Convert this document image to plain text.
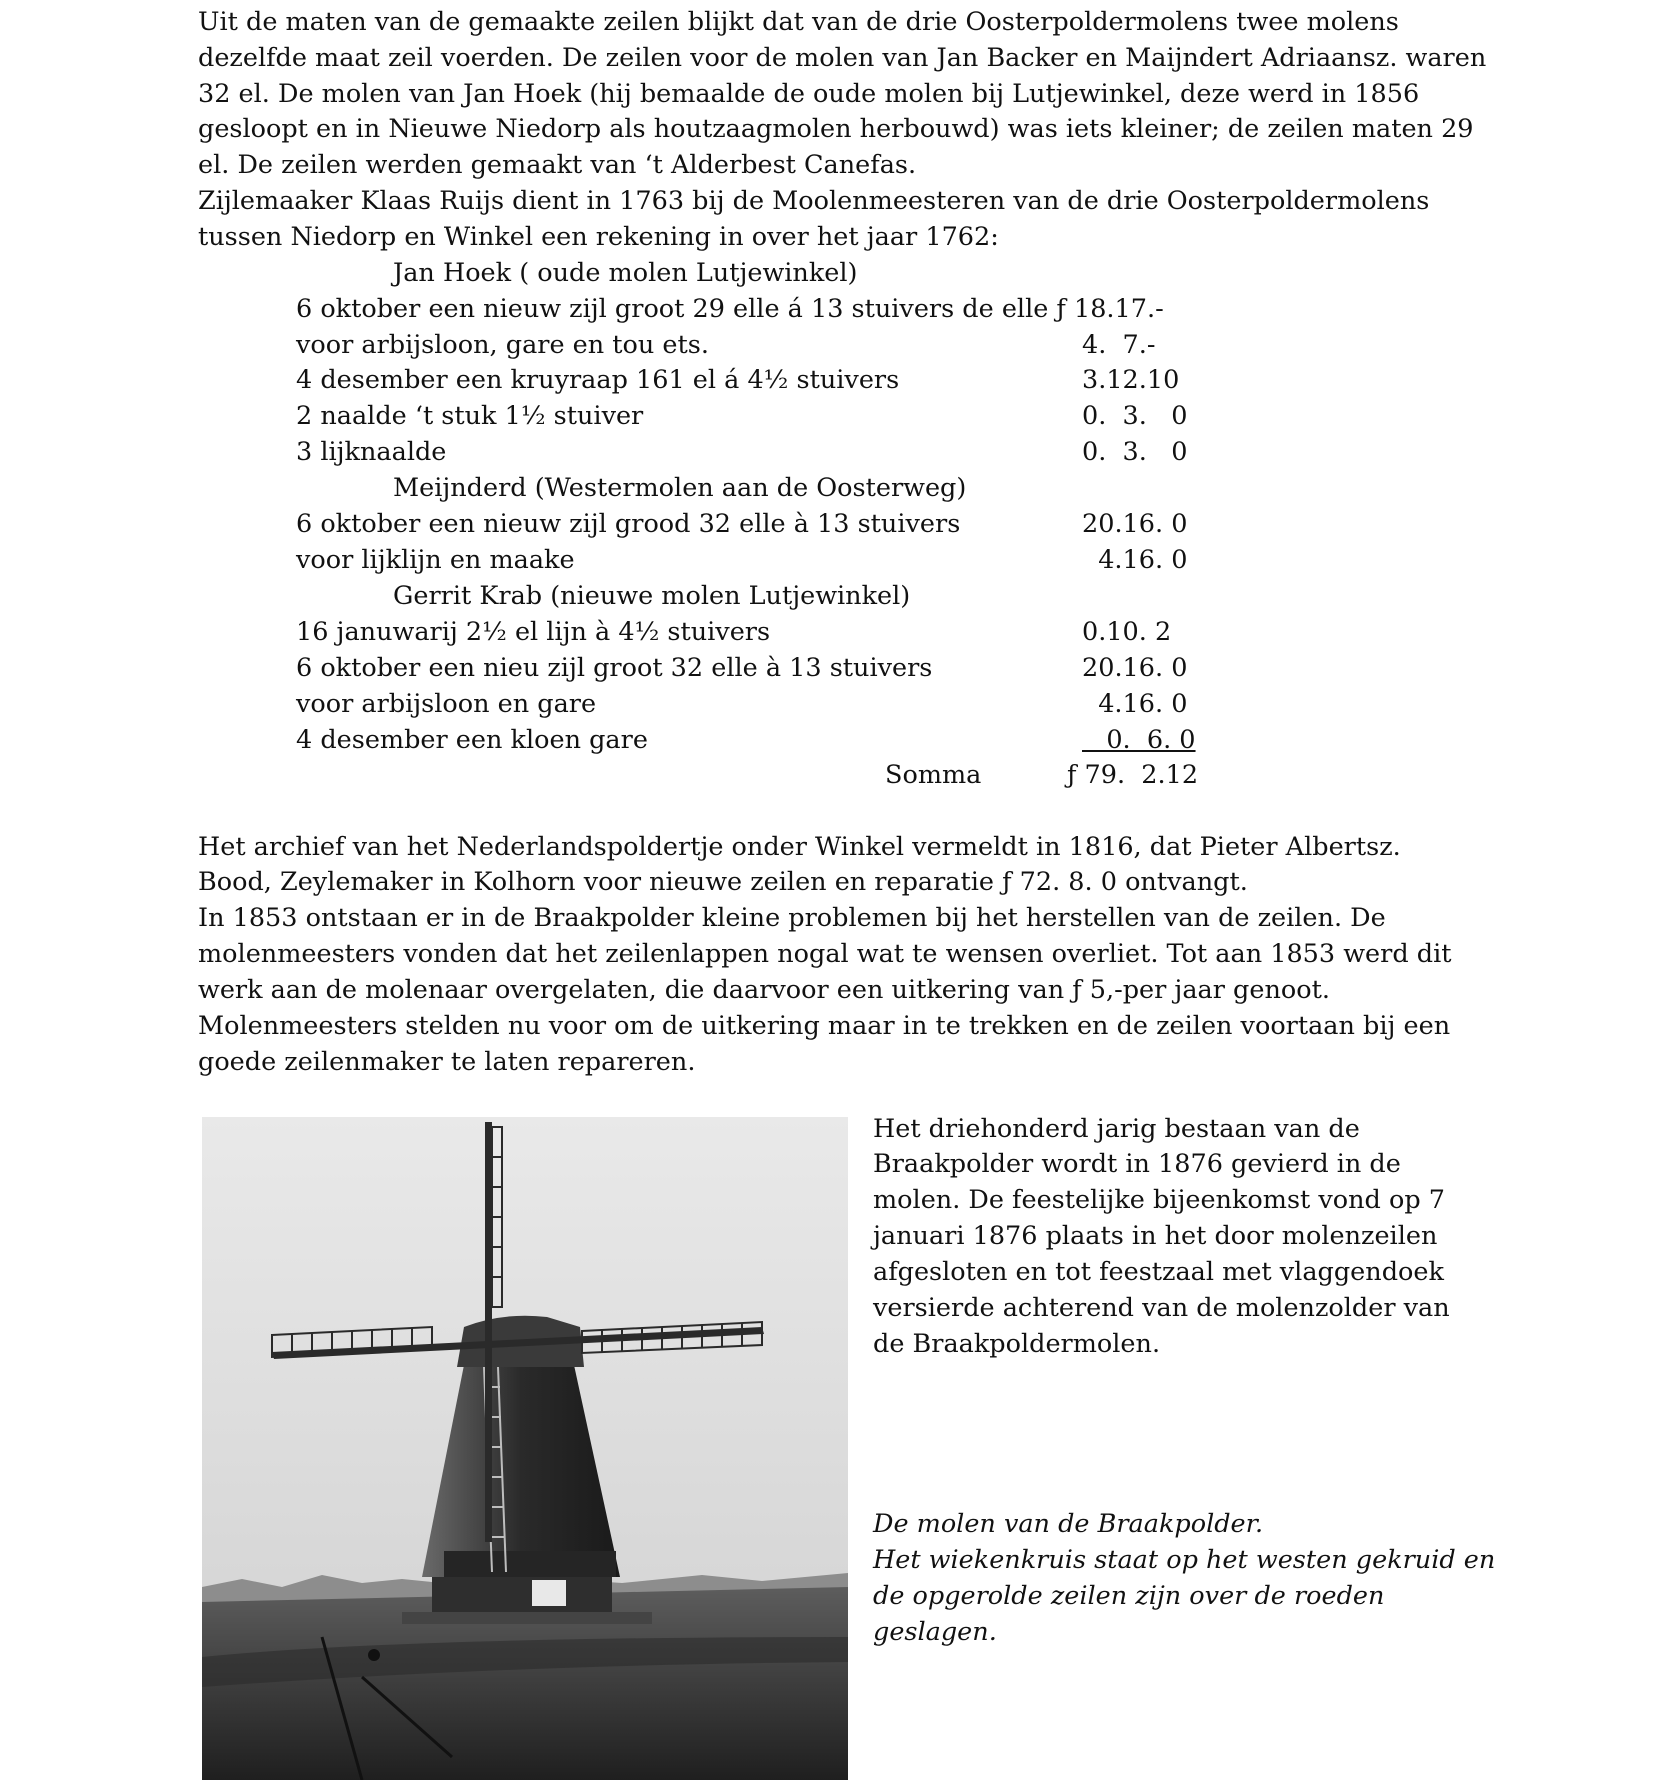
Uit de maten van de gemaakte zeilen blijkt dat van de drie Oosterpoldermolens twee molens
dezelfde maat zeil voerden. De zeilen voor de molen van Jan Backer en Maijndert Adriaansz. waren
32 el. De molen van Jan Hoek (hij bemaalde de oude molen bij Lutjewinkel, deze werd in 1856
gesloopt en in Nieuwe Niedorp als houtzaagmolen herbouwd) was iets kleiner; de zeilen maten 29
el. De zeilen werden gemaakt van ‘t Alderbest Canefas.
Zijlemaaker Klaas Ruijs dient in 1763 bij de Moolenmeesteren van de drie Oosterpoldermolens
tussen Niedorp en Winkel een rekening in over het jaar 1762:
Jan Hoek ( oude molen Lutjewinkel)
6 oktober een nieuw zijl groot 29 elle á 13 stuivers de elle ƒ 18.17.-
voor arbijsloon, gare en tou ets.	4.  7.-
4 desember een kruyraap 161 el á 4½ stuivers	3.12.10
2 naalde ‘t stuk 1½ stuiver	0.  3.   0
3 lijknaalde	0.  3.   0
Meijnderd (Westermolen aan de Oosterweg)
6 oktober een nieuw zijl grood 32 elle à 13 stuivers	20.16. 0
voor lijklijn en maake	4.16. 0
Gerrit Krab (nieuwe molen Lutjewinkel)
16 januwarij 2½ el lijn à 4½ stuivers	0.10. 2
6 oktober een nieu zijl groot 32 elle à 13 stuivers	20.16. 0
voor arbijsloon en gare	4.16. 0
4 desember een kloen gare	0.  6. 0
Somma	ƒ 79.  2.12
Het archief van het Nederlandspoldertje onder Winkel vermeldt in 1816, dat Pieter Albertsz.
Bood, Zeylemaker in Kolhorn voor nieuwe zeilen en reparatie ƒ 72. 8. 0 ontvangt.
In 1853 ontstaan er in de Braakpolder kleine problemen bij het herstellen van de zeilen. De
molenmeesters vonden dat het zeilenlappen nogal wat te wensen overliet. Tot aan 1853 werd dit
werk aan de molenaar overgelaten, die daarvoor een uitkering van ƒ 5,-per jaar genoot.
Molenmeesters stelden nu voor om de uitkering maar in te trekken en de zeilen voortaan bij een
goede zeilenmaker te laten repareren.
Het driehonderd jarig bestaan van de
Braakpolder wordt in 1876 gevierd in de
molen. De feestelijke bijeenkomst vond op 7
januari 1876 plaats in het door molenzeilen
afgesloten en tot feestzaal met vlaggendoek
versierde achterend van de molenzolder van
de Braakpoldermolen.
De molen van de Braakpolder.
Het wiekenkruis staat op het westen gekruid en
de opgerolde zeilen zijn over de roeden
geslagen.
